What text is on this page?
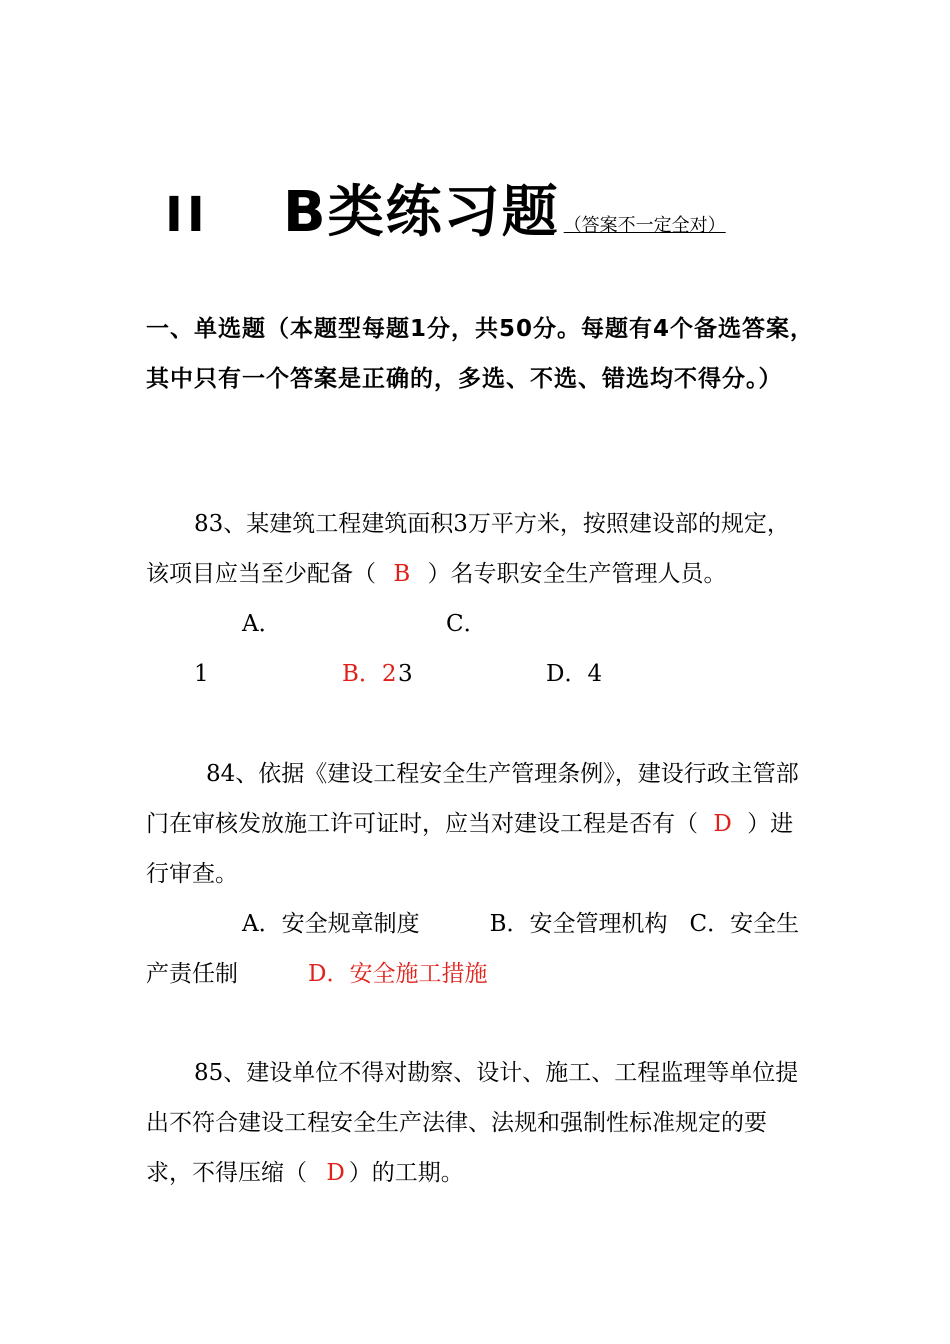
II B类练习题 （答案不一定全对）
一、单选题（本题型每题1分，共50分。每题有4个备选答案，其中只有一个答案是正确的，多选、不选、错选均不得分。）

83、某建筑工程建筑面积3万平方米，按照建设部的规定，该项目应当至少配备（ B ）名专职安全生产管理人员。

A．1	B．2C．3	D．4

84、依据《建设工程安全生产管理条例》，建设行政主管部门在审核发放施工许可证时，应当对建设工程是否有（ D ）进行审查。

A．安全规章制度	B．安全管理机构 C．安全生产责任制	D．安全施工措施

85、建设单位不得对勘察、设计、施工、工程监理等单位提出不符合建设工程安全生产法律、法规和强制性标准规定的要求，不得压缩（ D ）的工期。
